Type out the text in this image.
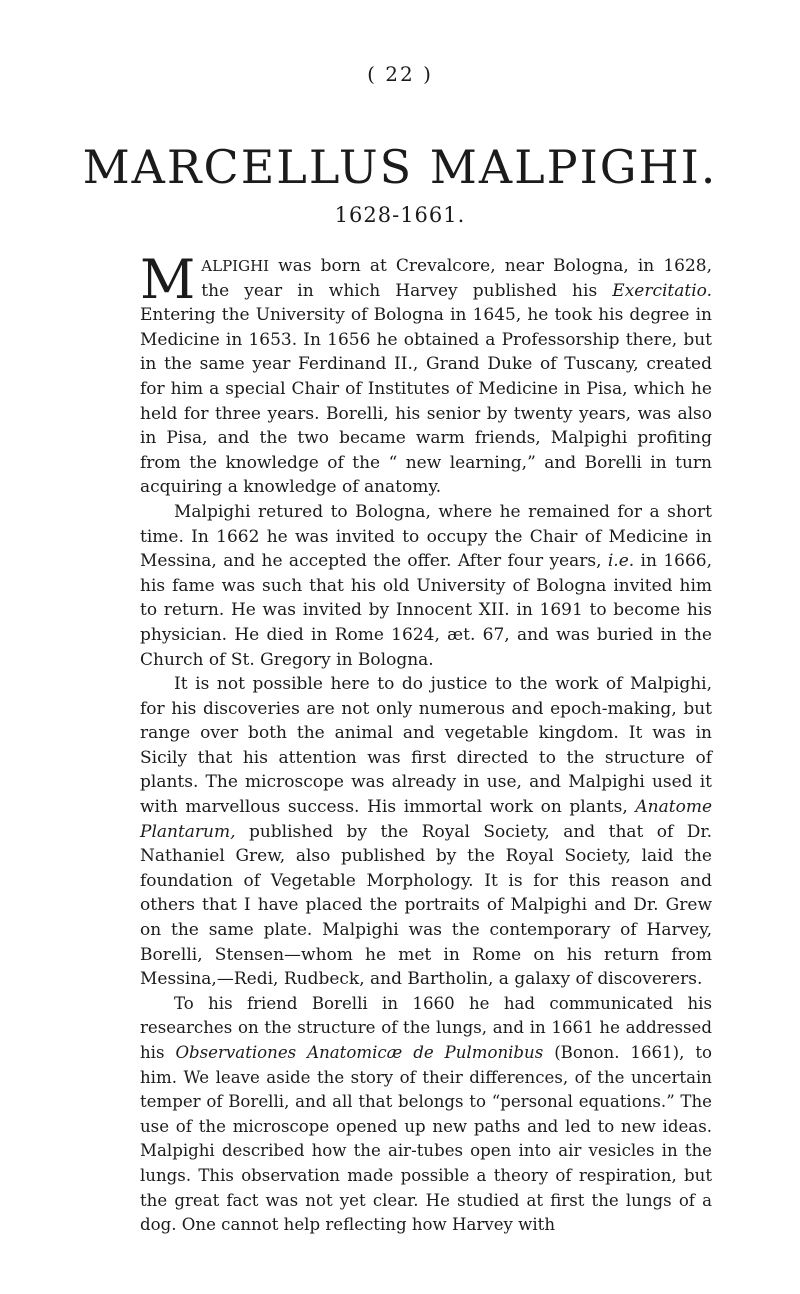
( 22 )
MARCELLUS MALPIGHI.
1628-1661.

MALPIGHI was born at Crevalcore, near Bologna, in 1628, the year in which Harvey published his Exercitatio. Entering the University of Bologna in 1645, he took his degree in Medicine in 1653. In 1656 he obtained a Professorship there, but in the same year Ferdinand II., Grand Duke of Tuscany, created for him a special Chair of Institutes of Medicine in Pisa, which he held for three years. Borelli, his senior by twenty years, was also in Pisa, and the two became warm friends, Malpighi profiting from the knowledge of the “ new learning,” and Borelli in turn acquiring a knowledge of anatomy.

Malpighi retured to Bologna, where he remained for a short time. In 1662 he was invited to occupy the Chair of Medicine in Messina, and he accepted the offer. After four years, i.e. in 1666, his fame was such that his old University of Bologna invited him to return. He was invited by Innocent XII. in 1691 to become his physician. He died in Rome 1624, æt. 67, and was buried in the Church of St. Gregory in Bologna.

It is not possible here to do justice to the work of Malpighi, for his discoveries are not only numerous and epoch-making, but range over both the animal and vegetable kingdom. It was in Sicily that his attention was first directed to the structure of plants. The microscope was already in use, and Malpighi used it with marvellous success. His immortal work on plants, Anatome Plantarum, published by the Royal Society, and that of Dr. Nathaniel Grew, also published by the Royal Society, laid the foundation of Vegetable Morphology. It is for this reason and others that I have placed the portraits of Malpighi and Dr. Grew on the same plate. Malpighi was the contemporary of Harvey, Borelli, Stensen—whom he met in Rome on his return from Messina,—Redi, Rudbeck, and Bartholin, a galaxy of discoverers.

To his friend Borelli in 1660 he had communicated his researches on the structure of the lungs, and in 1661 he addressed his Observationes Anatomicæ de Pulmonibus (Bonon. 1661), to him. We leave aside the story of their differences, of the uncertain temper of Borelli, and all that belongs to “personal equations.” The use of the microscope opened up new paths and led to new ideas. Malpighi described how the air-tubes open into air vesicles in the lungs. This observation made possible a theory of respiration, but the great fact was not yet clear. He studied at first the lungs of a dog. One cannot help reflecting how Harvey with
